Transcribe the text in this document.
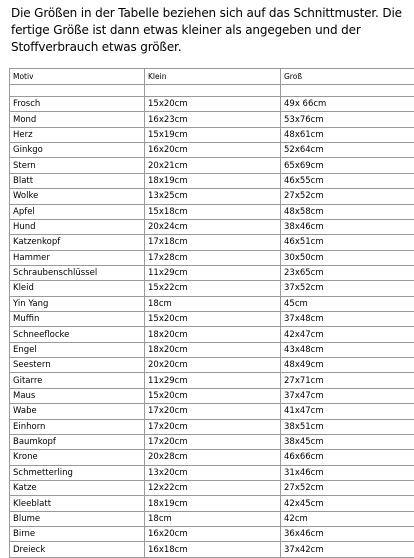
Die Größen in der Tabelle beziehen sich auf das Schnittmuster. Die fertige Größe ist dann etwas kleiner als angegeben und der Stoffverbrauch etwas größer.

Motiv	Klein	Groß

Frosch	15x20cm	49x 66cm
Mond	16x23cm	53x76cm
Herz	15x19cm	48x61cm
Ginkgo	16x20cm	52x64cm
Stern	20x21cm	65x69cm
Blatt	18x19cm	46x55cm
Wolke	13x25cm	27x52cm
Apfel	15x18cm	48x58cm
Hund	20x24cm	38x46cm
Katzenkopf	17x18cm	46x51cm
Hammer	17x28cm	30x50cm
Schraubenschlüssel	11x29cm	23x65cm
Kleid	15x22cm	37x52cm
Yin Yang	18cm	45cm
Muffin	15x20cm	37x48cm
Schneeflocke	18x20cm	42x47cm
Engel	18x20cm	43x48cm
Seestern	20x20cm	48x49cm
Gitarre	11x29cm	27x71cm
Maus	15x20cm	37x47cm
Wabe	17x20cm	41x47cm
Einhorn	17x20cm	38x51cm
Baumkopf	17x20cm	38x45cm
Krone	20x28cm	46x66cm
Schmetterling	13x20cm	31x46cm
Katze	12x22cm	27x52cm
Kleeblatt	18x19cm	42x45cm
Blume	18cm	42cm
Birne	16x20cm	36x46cm
Dreieck	16x18cm	37x42cm
